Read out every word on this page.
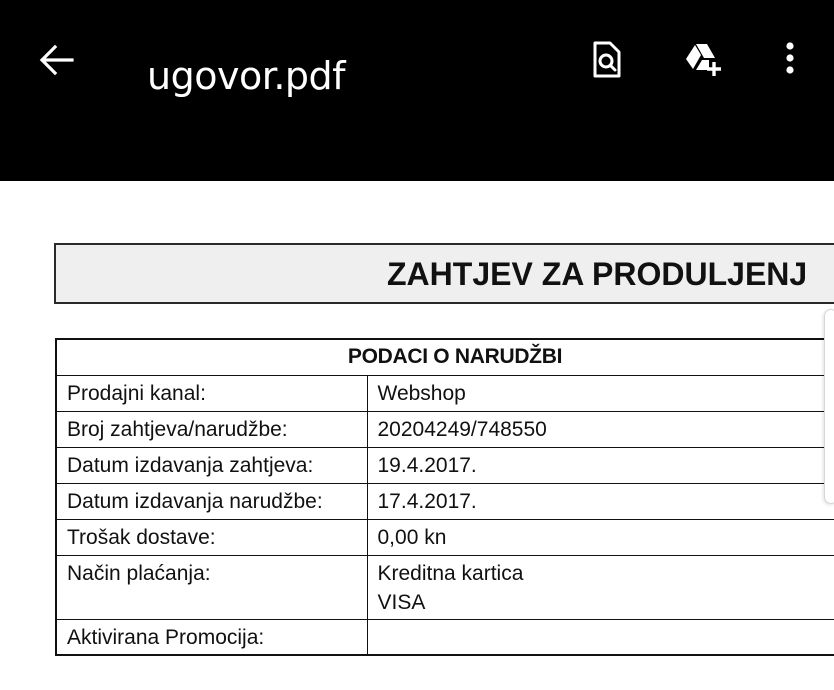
ugovor.pdf
ZAHTJEV ZA PRODULJENJ
PODACI O NARUDŽBI	
Prodajni kanal:	Webshop
Broj zahtjeva/narudžbe:	20204249/748550
Datum izdavanja zahtjeva:	19.4.2017.
Datum izdavanja narudžbe:	17.4.2017.
Trošak dostave:	0,00 kn
Način plaćanja:	Kreditna kartica
VISA

Aktivirana Promocija:	
